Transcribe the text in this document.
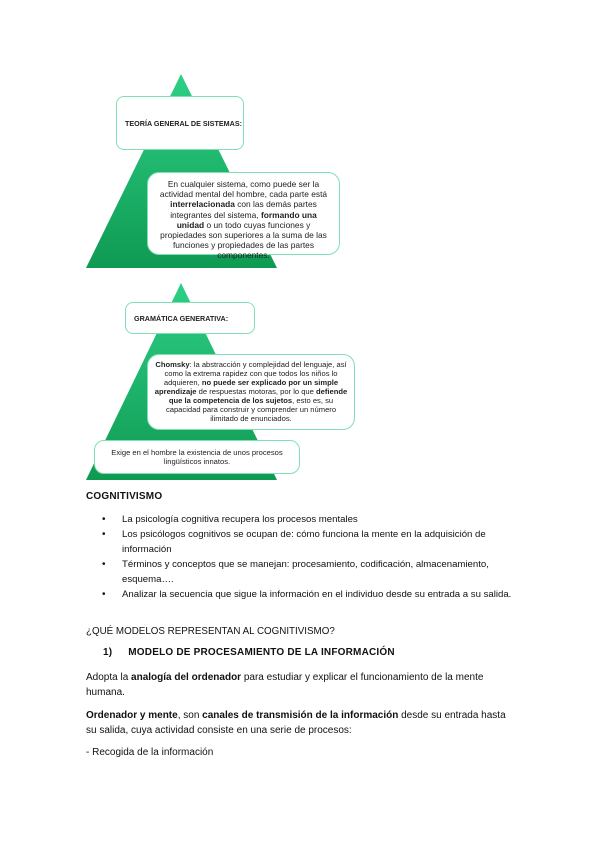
TEORÍA GENERAL DE SISTEMAS:
En cualquier sistema, como puede ser la actividad mental del hombre, cada parte está interrelacionada con las demás partes integrantes del sistema, formando una unidad o un todo cuyas funciones y propiedades son superiores a la suma de las funciones y propiedades de las partes componentes.
GRAMÁTICA GENERATIVA:
Chomsky: la abstracción y complejidad del lenguaje, así como la extrema rapidez con que todos los niños lo adquieren, no puede ser explicado por un simple aprendizaje de respuestas motoras, por lo que defiende que la competencia de los sujetos, esto es, su capacidad para construir y comprender un número ilimitado de enunciados.
Exige en el hombre la existencia de unos procesos lingüísticos innatos.
COGNITIVISMO
• La psicología cognitiva recupera los procesos mentales
• Los psicólogos cognitivos se ocupan de: cómo funciona la mente en la adquisición de información
• Términos y conceptos que se manejan: procesamiento, codificación, almacenamiento, esquema….
• Analizar la secuencia que sigue la información en el individuo desde su entrada a su salida.
¿QUÉ MODELOS REPRESENTAN AL COGNITIVISMO?
1) MODELO DE PROCESAMIENTO DE LA INFORMACIÓN
Adopta la analogía del ordenador para estudiar y explicar el funcionamiento de la mente humana.
Ordenador y mente, son canales de transmisión de la información desde su entrada hasta su salida, cuya actividad consiste en una serie de procesos:
- Recogida de la información
